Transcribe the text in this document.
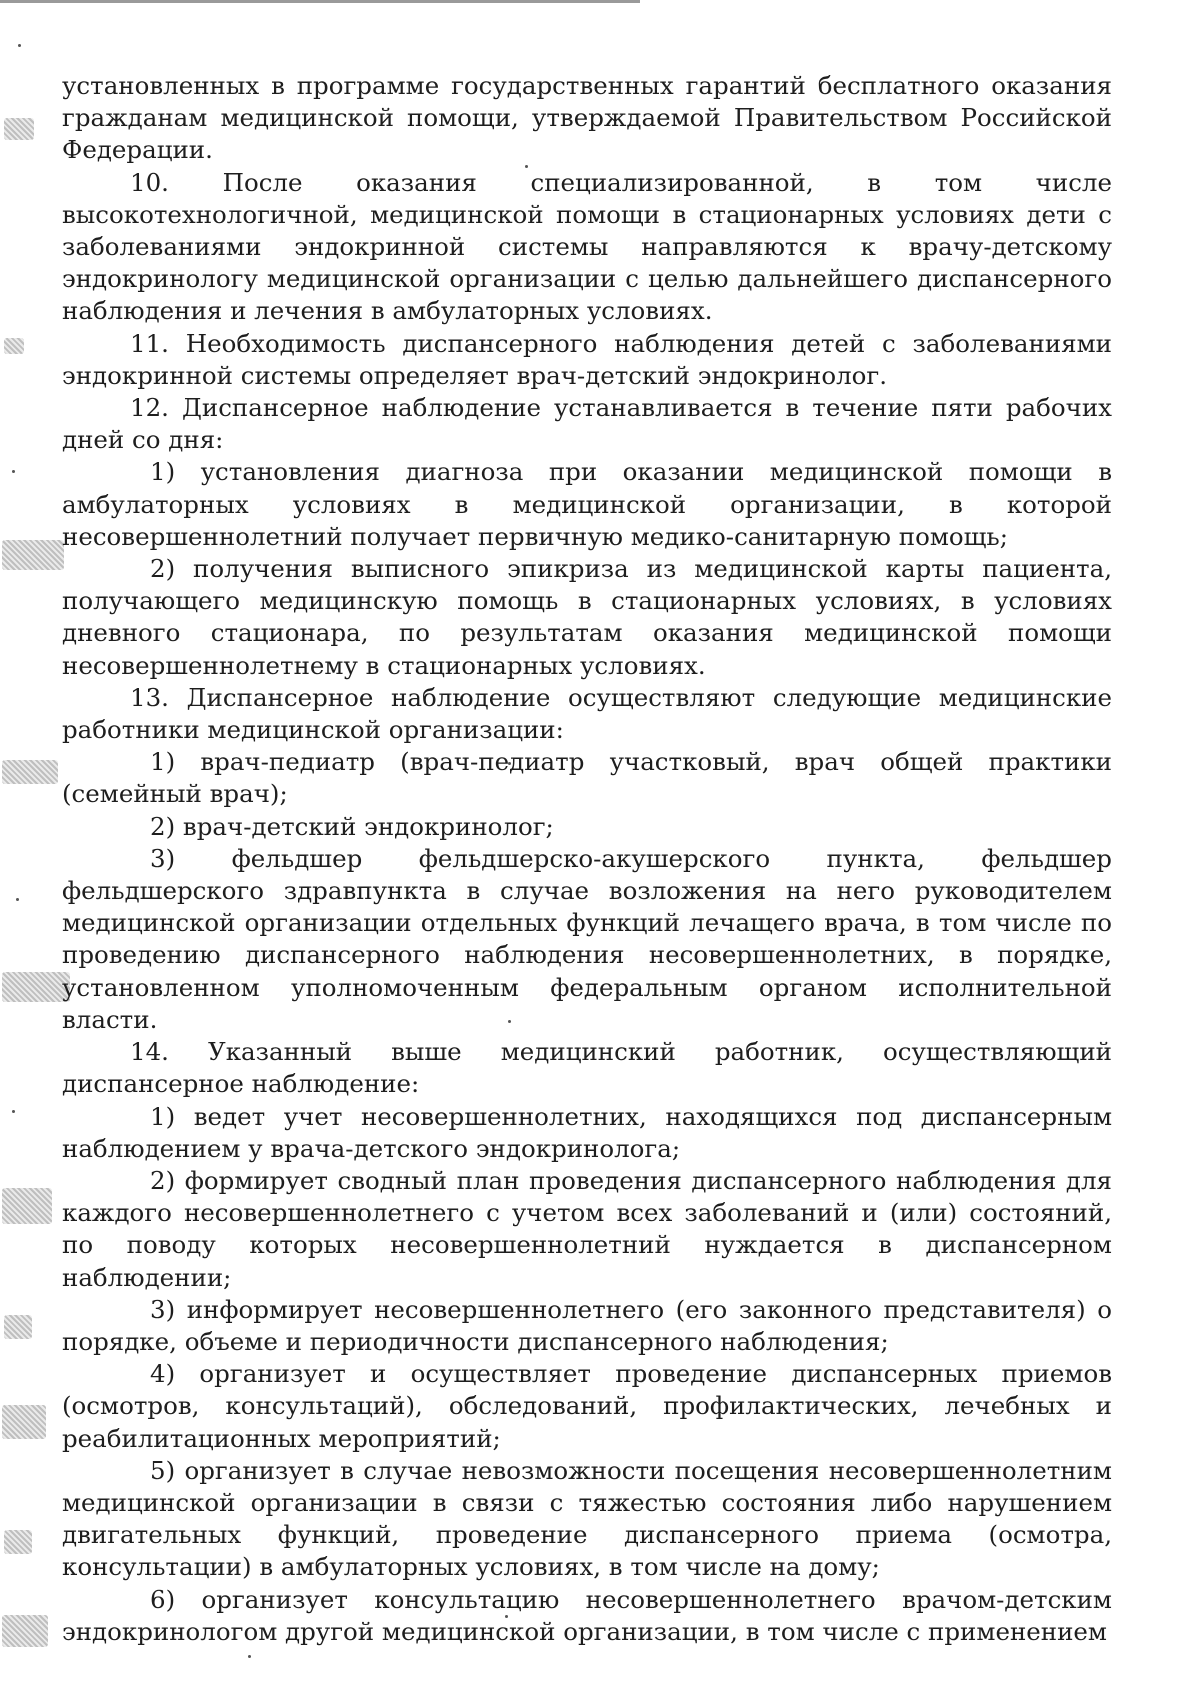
установленных в программе государственных гарантий бесплатного оказания гражданам медицинской помощи, утверждаемой Правительством Российской Федерации.

10. После оказания специализированной, в том числе высокотехнологичной, медицинской помощи в стационарных условиях дети с заболеваниями эндокринной системы направляются к врачу-детскому эндокринологу медицинской организации с целью дальнейшего диспансерного наблюдения и лечения в амбулаторных условиях.

11. Необходимость диспансерного наблюдения детей с заболеваниями эндокринной системы определяет врач-детский эндокринолог.

12. Диспансерное наблюдение устанавливается в течение пяти рабочих дней со дня:

1) установления диагноза при оказании медицинской помощи в амбулаторных условиях в медицинской организации, в которой несовершеннолетний получает первичную медико-санитарную помощь;

2) получения выписного эпикриза из медицинской карты пациента, получающего медицинскую помощь в стационарных условиях, в условиях дневного стационара, по результатам оказания медицинской помощи несовершеннолетнему в стационарных условиях.

13. Диспансерное наблюдение осуществляют следующие медицинские работники медицинской организации:

1) врач-педиатр (врач-педиатр участковый, врач общей практики (семейный врач);

2) врач-детский эндокринолог;

3) фельдшер фельдшерско-акушерского пункта, фельдшер фельдшерского здравпункта в случае возложения на него руководителем медицинской организации отдельных функций лечащего врача, в том числе по проведению диспансерного наблюдения несовершеннолетних, в порядке, установленном уполномоченным федеральным органом исполнительной власти.

14. Указанный выше медицинский работник, осуществляющий диспансерное наблюдение:

1) ведет учет несовершеннолетних, находящихся под диспансерным наблюдением у врача-детского эндокринолога;

2) формирует сводный план проведения диспансерного наблюдения для каждого несовершеннолетнего с учетом всех заболеваний и (или) состояний, по поводу которых несовершеннолетний нуждается в диспансерном наблюдении;

3) информирует несовершеннолетнего (его законного представителя) о порядке, объеме и периодичности диспансерного наблюдения;

4) организует и осуществляет проведение диспансерных приемов (осмотров, консультаций), обследований, профилактических, лечебных и реабилитационных мероприятий;

5) организует в случае невозможности посещения несовершеннолетним медицинской организации в связи с тяжестью состояния либо нарушением двигательных функций, проведение диспансерного приема (осмотра, консультации) в амбулаторных условиях, в том числе на дому;

6) организует консультацию несовершеннолетнего врачом-детским эндокринологом другой медицинской организации, в том числе с применением
